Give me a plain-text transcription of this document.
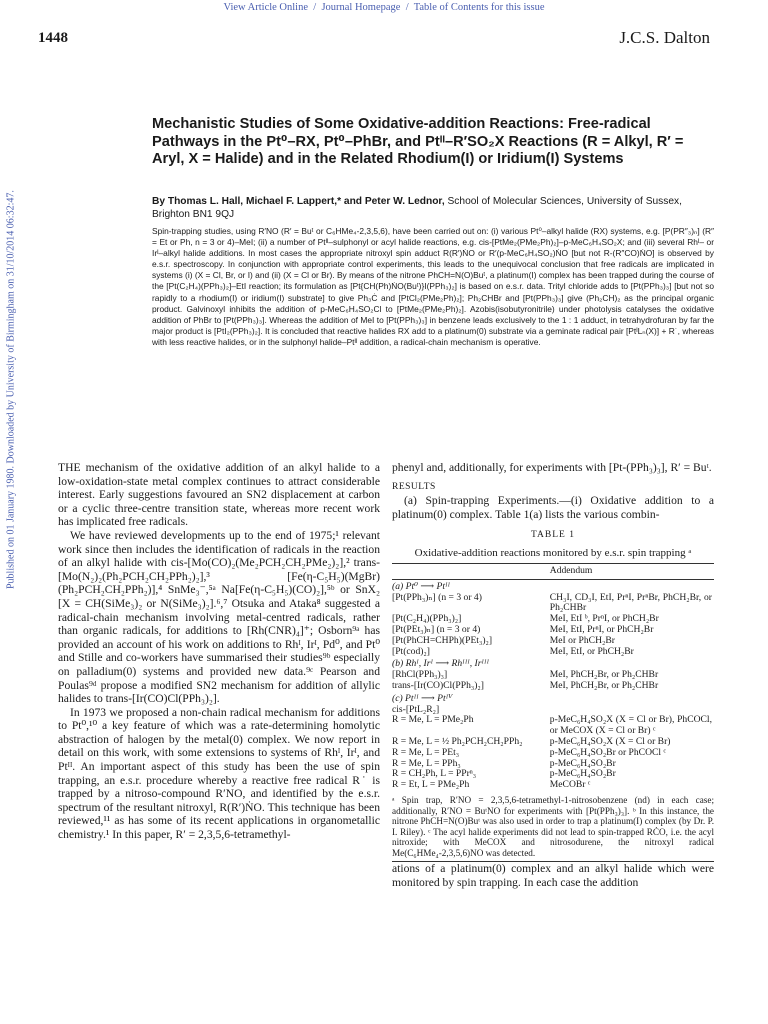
View Article Online  /  Journal Homepage  /  Table of Contents for this issue
1448	J.C.S. Dalton
Published on 01 January 1980. Downloaded by University of Birmingham on 31/10/2014 06:32:47.
Mechanistic Studies of Some Oxidative-addition Reactions: Free-radical Pathways in the Pt⁰–RX, Pt⁰–PhBr, and Ptᴵᴵ–R′SO₂X Reactions (R = Alkyl, R′ = Aryl, X = Halide) and in the Related Rhodium(I) or Iridium(I) Systems
By Thomas L. Hall, Michael F. Lappert,* and Peter W. Lednor, School of Molecular Sciences, University of Sussex, Brighton BN1 9QJ

Spin-trapping studies, using R′NO (R′ = Buᵗ or C₆HMe₄-2,3,5,6), have been carried out on: (i) various Pt⁰–alkyl halide (RX) systems, e.g. [P(PR″₃)ₙ] (R″ = Et or Ph, n = 3 or 4)–MeI; (ii) a number of Ptᴵᴵ–sulphonyl or acyl halide reactions, e.g. cis-[PtMe₂(PMe₂Ph)₂]–p-MeC₆H₄SO₂X; and (iii) several Rhᴵ– or Irᴵ–alkyl halide additions. In most cases the appropriate nitroxyl spin adduct R(R′)ṄO or R′(p-MeC₆H₄SO₂)ṄO [but not R-(R″CO)ṄO] is observed by e.s.r. spectroscopy. In conjunction with appropriate control experiments, this leads to the unequivocal conclusion that free radicals are implicated in systems (i) (X = Cl, Br, or I) and (ii) (X = Cl or Br). By means of the nitrone PhCH=N(O)Buᵗ, a platinum(I) complex has been trapped during the course of the [Pt(C₂H₄)(PPh₃)₂]–EtI reaction; its formulation as [Pt{CH(Ph)ṄO(Buᵗ)}I(PPh₃)₂] is based on e.s.r. data. Trityl chloride adds to [Pt(PPh₃)₃] [but not so rapidly to a rhodium(I) or iridium(I) substrate] to give Ph₃Ċ and [PtCl₂(PMe₂Ph)₂]; Ph₂CHBr and [Pt(PPh₃)₃] give (Ph₂CH)₂ as the principal organic product. Galvinoxyl inhibits the addition of p-MeC₆H₄SO₂Cl to [PtMe₂(PMe₂Ph)₂]. Azobis(isobutyronitrile) under photolysis catalyses the oxidative addition of PhBr to [Pt(PPh₃)₃]. Whereas the addition of MeI to [Pt(PPh₃)₃] in benzene leads exclusively to the 1 : 1 adduct, in tetrahydrofuran by far the major product is [PtI₂(PPh₃)₂]. It is concluded that reactive halides RX add to a platinum(0) substrate via a geminate radical pair [PtᴵLₙ(X)] + R˙, whereas with less reactive halides, or in the sulphonyl halide–Ptᴵᴵ addition, a radical-chain mechanism is operative.

THE mechanism of the oxidative addition of an alkyl halide to a low-oxidation-state metal complex continues to attract considerable interest. Early suggestions favoured an SN2 displacement at carbon or a cyclic three-centre transition state, whereas more recent work has implicated free radicals.

We have reviewed developments up to the end of 1975;¹ relevant work since then includes the identification of radicals in the reaction of an alkyl halide with cis-[Mo(CO)₂(Me₂PCH₂CH₂PMe₂)₂],² trans-[Mo(N₂)₂(Ph₂PCH₂CH₂PPh₂)₂],³ [Fe(η-C₅H₅)(MgBr)(Ph₂PCH₂CH₂PPh₂)],⁴ SnMe₃⁻,⁵ᵃ Na[Fe(η-C₅H₅)(CO)₂],⁵ᵇ or SnX₂ [X = CH(SiMe₃)₂ or N(SiMe₃)₂].⁶,⁷ Otsuka and Ataka⁸ suggested a radical-chain mechanism involving metal-centred radicals, rather than organic radicals, for additions to [Rh(CNR)₄]⁺; Osborn⁹ᵃ has provided an account of his work on additions to Rhᴵ, Irᴵ, Pd⁰, and Pt⁰ and Stille and co-workers have summarised their studies⁹ᵇ especially on palladium(0) systems and provided new data.⁹ᶜ Pearson and Poulas⁹ᵈ propose a modified SN2 mechanism for addition of allylic halides to trans-[Ir(CO)Cl(PPh₃)₂].

In 1973 we proposed a non-chain radical mechanism for additions to Pt⁰,¹⁰ a key feature of which was a rate-determining homolytic abstraction of halogen by the metal(0) complex. We now report in detail on this work, with some extensions to systems of Rhᴵ, Irᴵ, and Ptᴵᴵ. An important aspect of this study has been the use of spin trapping, an e.s.r. procedure whereby a reactive free radical R˙ is trapped by a nitroso-compound R′NO, and identified by the e.s.r. spectrum of the resultant nitroxyl, R(R′)ṄO. This technique has been reviewed,¹¹ as has some of its recent applications in organometallic chemistry.¹ In this paper, R′ = 2,3,5,6-tetramethyl-

phenyl and, additionally, for experiments with [Pt-(PPh₃)₃], R′ = Buᵗ.

RESULTS

(a) Spin-trapping Experiments.—(i) Oxidative addition to a platinum(0) complex. Table 1(a) lists the various combin-

TABLE 1
Oxidative-addition reactions monitored by e.s.r. spin trapping ᵃ
	Addendum
(a) Pt⁰ ⟶ Ptᴵᴵ	
[Pt(PPh₃)ₙ] (n = 3 or 4)	CH₃I, CD₃I, EtI, PrⁿI, PrⁿBr, PhCH₂Br, or Ph₂CHBr
[Pt(C₂H₄)(PPh₃)₂]	MeI, EtI ᵇ, PrⁿI, or PhCH₂Br
[Pt(PEt₃)ₙ] (n = 3 or 4)	MeI, EtI, PrⁿI, or PhCH₂Br
[Pt(PhCH=CHPh)(PEt₃)₂]	MeI or PhCH₂Br
[Pt(cod)₂]	MeI, EtI, or PhCH₂Br
(b) Rhᴵ, Irᴵ ⟶ Rhᴵᴵᴵ, Irᴵᴵᴵ	
[RhCl(PPh₃)₃]	MeI, PhCH₂Br, or Ph₂CHBr
trans-[Ir(CO)Cl(PPh₃)₂]	MeI, PhCH₂Br, or Ph₂CHBr
(c) Ptᴵᴵ ⟶ Ptᴵⱽ	
cis-[PtL₂R₂]	
R = Me, L = PMe₂Ph	p-MeC₆H₄SO₂X (X = Cl or Br), PhCOCl, or MeCOX (X = Cl or Br) ᶜ
R = Me, L = ½ Ph₂PCH₂CH₂PPh₂	p-MeC₆H₄SO₂X (X = Cl or Br)
R = Me, L = PEt₃	p-MeC₆H₄SO₂Br or PhCOCl ᶜ
R = Me, L = PPh₃	p-MeC₆H₄SO₂Br
R = CH₂Ph, L = PPrⁿ₃	p-MeC₆H₄SO₂Br
R = Et, L = PMe₂Ph	MeCOBr ᶜ
ᵃ Spin trap, R′NO = 2,3,5,6-tetramethyl-1-nitrosobenzene (nd) in each case; additionally, R′NO = BuᵗNO for experiments with [Pt(PPh₃)₃]. ᵇ In this instance, the nitrone PhCH=N(O)Buᵗ was also used in order to trap a platinum(I) complex (by Dr. P. I. Riley). ᶜ The acyl halide experiments did not lead to spin-trapped RĊO, i.e. the acyl nitroxide; with MeCOX and nitrosodurene, the nitroxyl radical Me(C₆HMe₄-2,3,5,6)NO was detected.

ations of a platinum(0) complex and an alkyl halide which were monitored by spin trapping. In each case the addition
